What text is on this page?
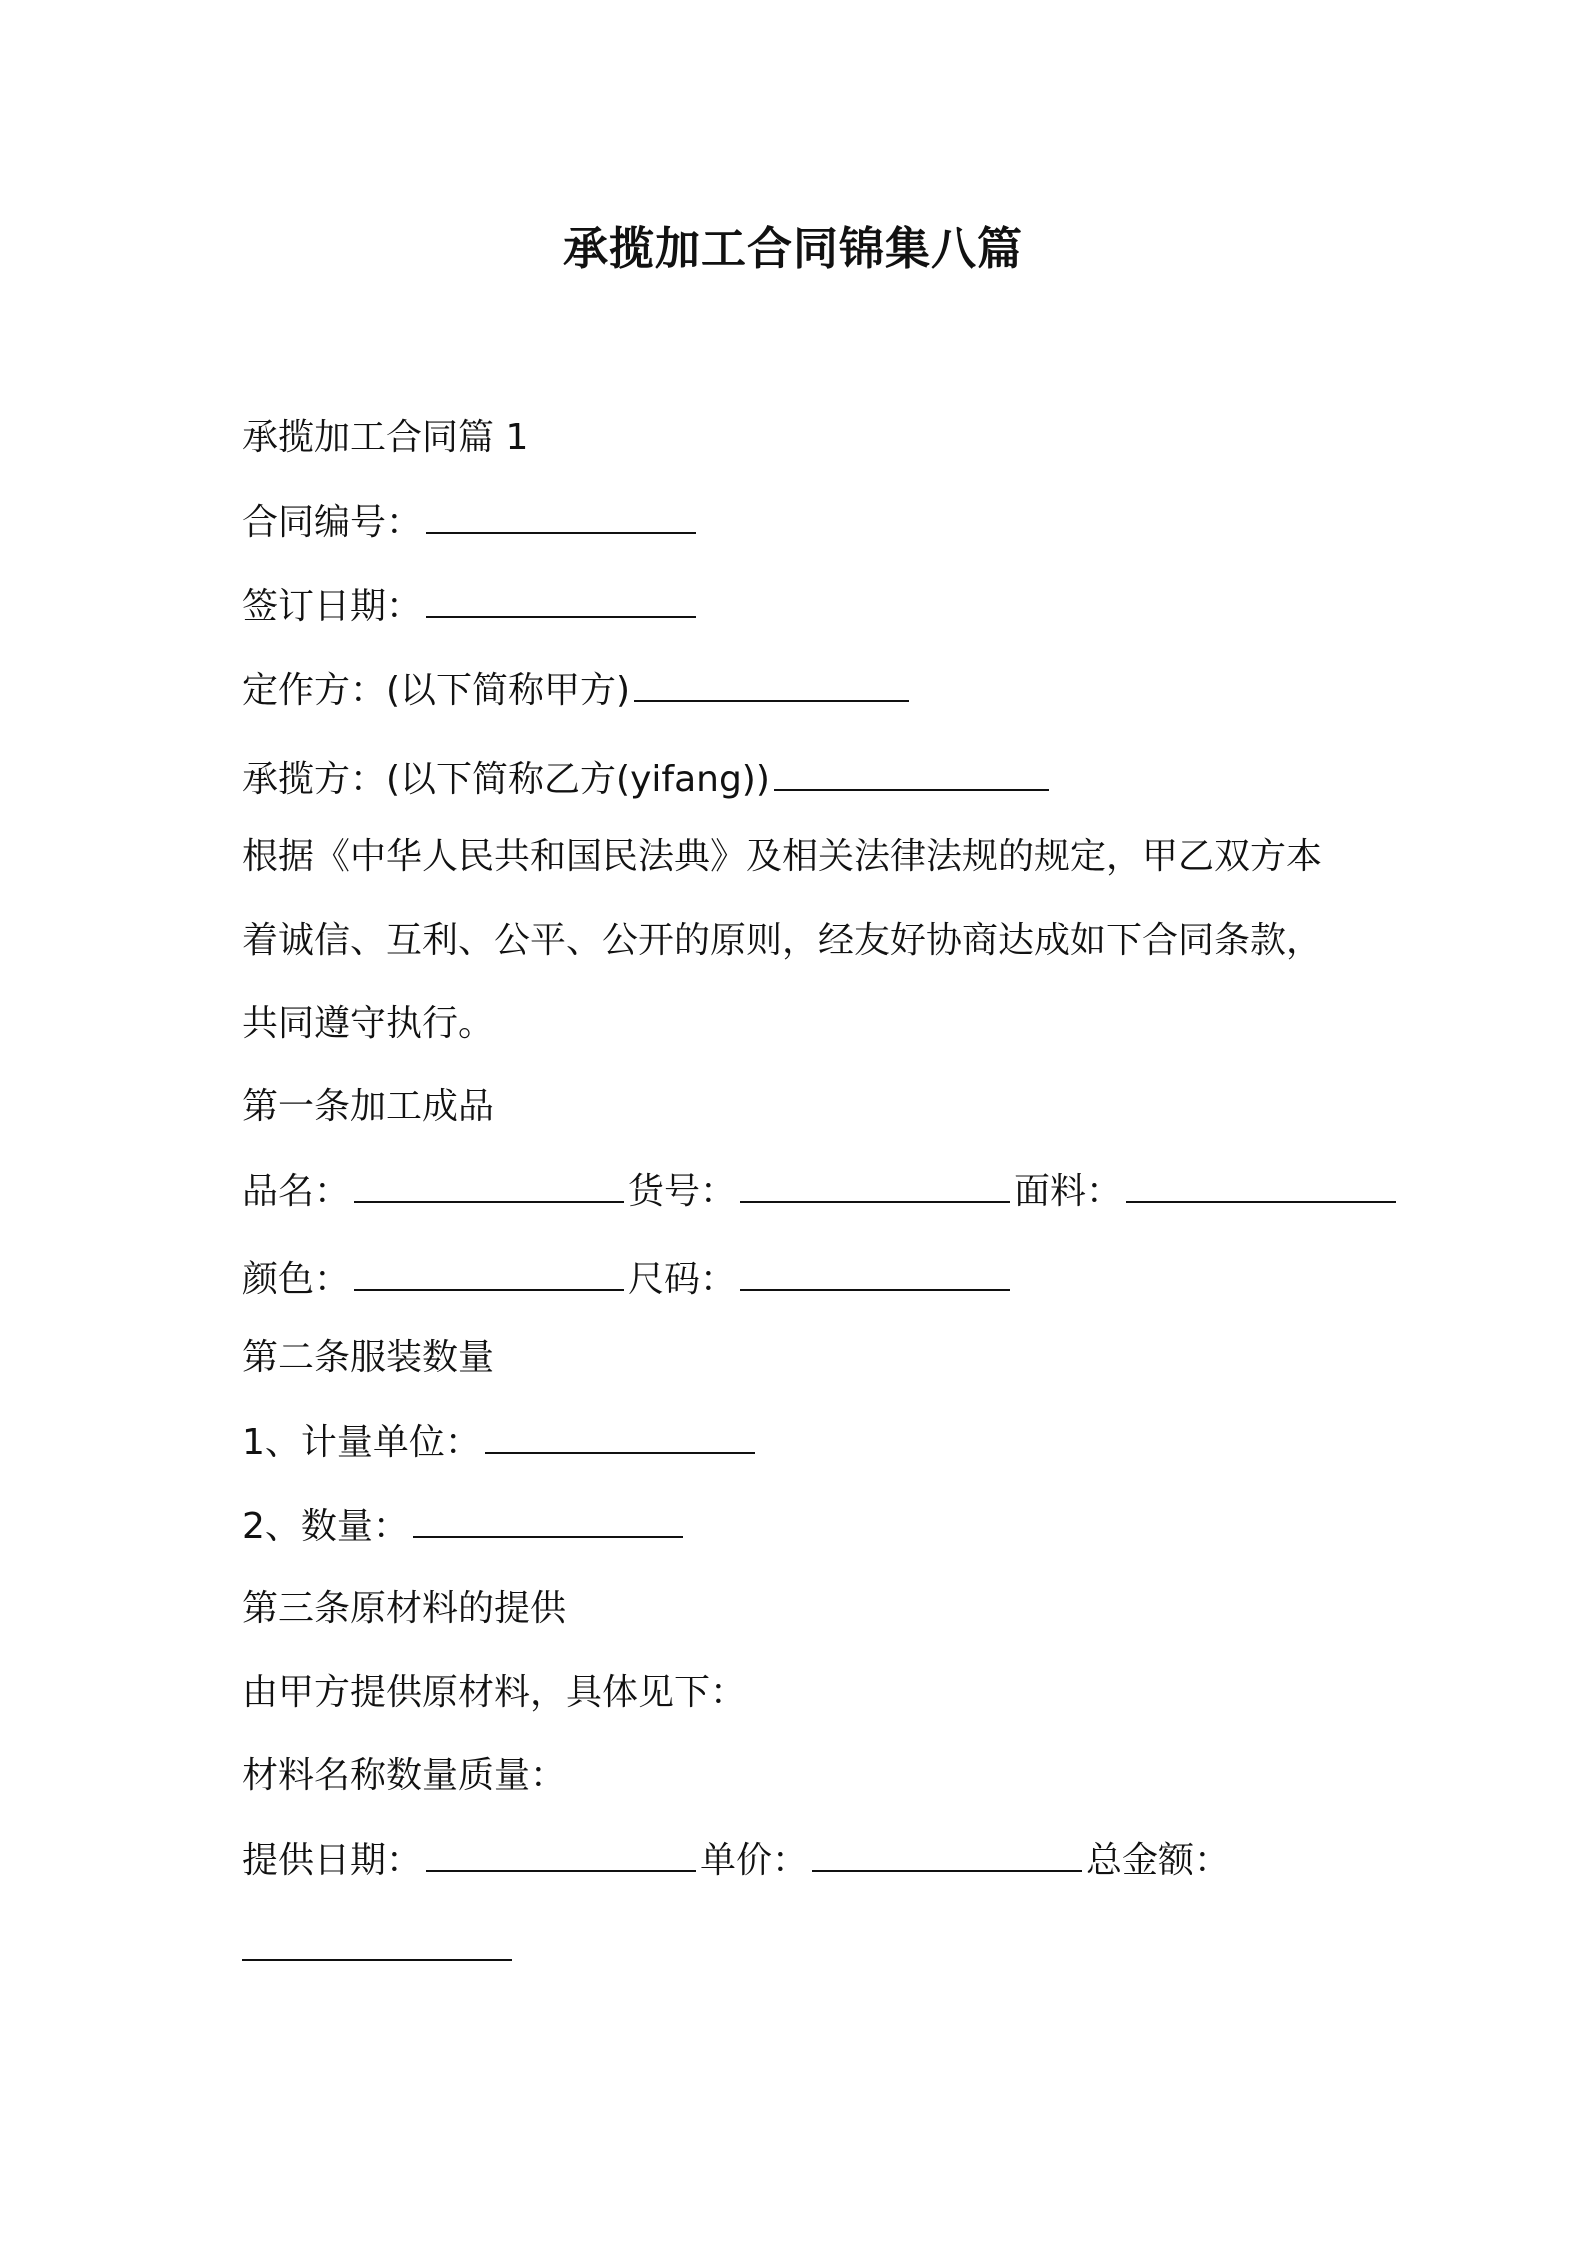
承揽加工合同锦集八篇

承揽加工合同篇 1

合同编号：

签订日期：

定作方：(以下简称甲方)

承揽方：(以下简称乙方(yifang))

根据《中华人民共和国民法典》及相关法律法规的规定，甲乙双方本

着诚信、互利、公平、公开的原则，经友好协商达成如下合同条款，

共同遵守执行。

第一条加工成品

品名：	货号：	面料：

颜色：	尺码：

第二条服装数量

1、计量单位：

2、数量：

第三条原材料的提供

由甲方提供原材料，具体见下：

材料名称数量质量：

提供日期：	单价：	总金额：
